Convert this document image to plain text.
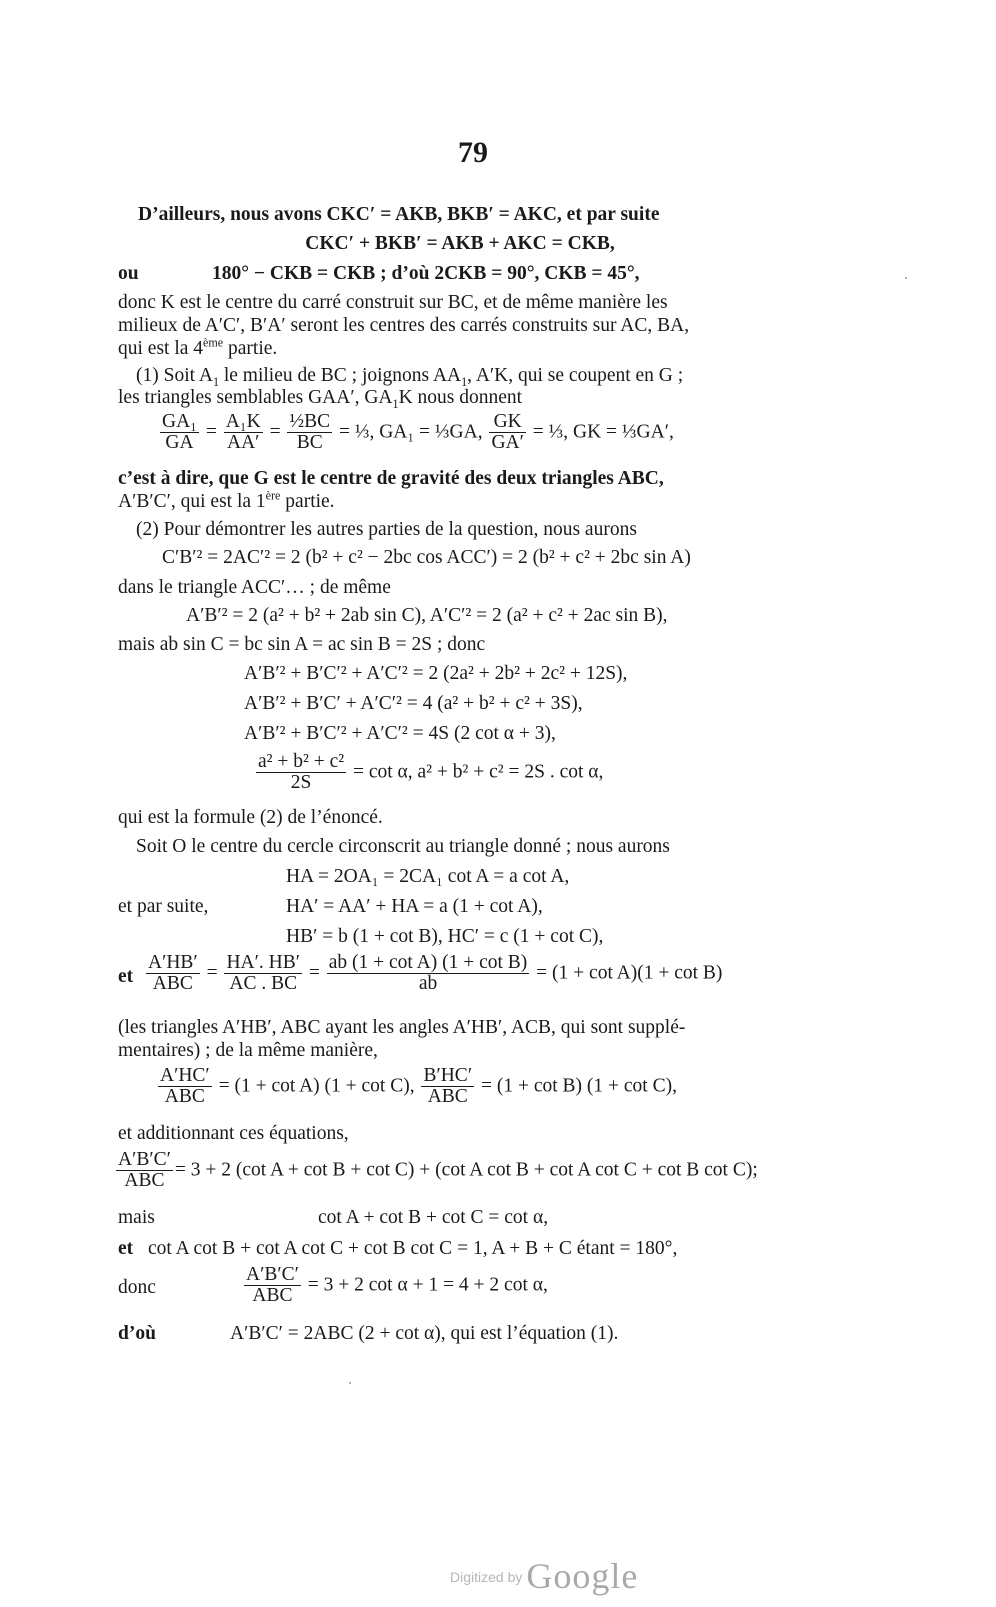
79
D’ailleurs, nous avons CKC′ = AKB, BKB′ = AKC, et par suite
CKC′ + BKB′ = AKB + AKC = CKB,
ou	180° − CKB = CKB ; d’où 2CKB = 90°, CKB = 45°,
donc K est le centre du carré construit sur BC, et de même manière les
milieux de A′C′, B′A′ seront les centres des carrés construits sur AC, BA,
qui est la 4ème partie.
(1) Soit $A_1$ le milieu de BC ; joignons $AA_1$, A′K, qui se coupent en G ;
les triangles semblables GAA′, $GA_1K$ nous donnent
$\frac{\text{GA₁}}{GA} = \frac{\text{A₁K}}{AA'} = \frac{\text{½BC}}{BC}$ = ⅓, GA₁ = ⅓GA, $\frac{GK}{GA'}$ = ⅓, GK = ⅓GA′,
c’est à dire, que G est le centre de gravité des deux triangles ABC,
A′B′C′, qui est la 1ère partie.
(2) Pour démontrer les autres parties de la question, nous aurons
C′B′² = 2AC′² = 2 (b² + c² − 2bc cos ACC′) = 2 (b² + c² + 2bc sin A)
dans le triangle ACC′… ; de même
A′B′² = 2 (a² + b² + 2ab sin C), A′C′² = 2 (a² + c² + 2ac sin B),
mais ab sin C = bc sin A = ac sin B = 2S ; donc
A′B′² + B′C′² + A′C′² = 2 (2a² + 2b² + 2c² + 12S),
A′B′² + B′C′ + A′C′² = 4 (a² + b² + c² + 3S),
A′B′² + B′C′² + A′C′² = 4S (2 cot α + 3),
$\frac{\text{a² + b² + c²}}{2S} = \cot \alpha$, a² + b² + c² = 2S . cot α,
qui est la formule (2) de l’énoncé.
Soit O le centre du cercle circonscrit au triangle donné ; nous aurons
HA = 2OA₁ = 2CA₁ cot A = a cot A,
et par suite,	HA′ = AA′ + HA = a (1 + cot A),
HB′ = b (1 + cot B), HC′ = c (1 + cot C),
et $\frac{A'HB'}{\text{ABC}} = \frac{HA'. HB'}{AC . BC} = \frac{\text{ab (1 + cot A) (1 + cot B)}}{ab} = (1 + \cot A)(1 + \cot B)$
(les triangles A′HB′, ABC ayant les angles A′HB′, ACB, qui sont supplé-
mentaires) ; de la même manière,
$\frac{A'HC'}{\text{ABC}} = (1 + \cot A) (1 + \cot C)$, $\frac{B'HC'}{\text{ABC}} = (1 + \cot B) (1 + \cot C)$,
et additionnant ces équations,
$\frac{A'B'C'}{\text{ABC}} = 3 + 2$ (cot A + cot B + cot C) + (cot A cot B + cot A cot C + cot B cot C);
mais	cot A + cot B + cot C = cot α,
et cot A cot B + cot A cot C + cot B cot C = 1, A + B + C étant = 180°,
donc	$\frac{A'B'C'}{\text{ABC}} = 3 + 2$ cot α + 1 = 4 + 2 cot α,
d’où	A′B′C′ = 2ABC (2 + cot α), qui est l’équation (1).
Digitized by Google
